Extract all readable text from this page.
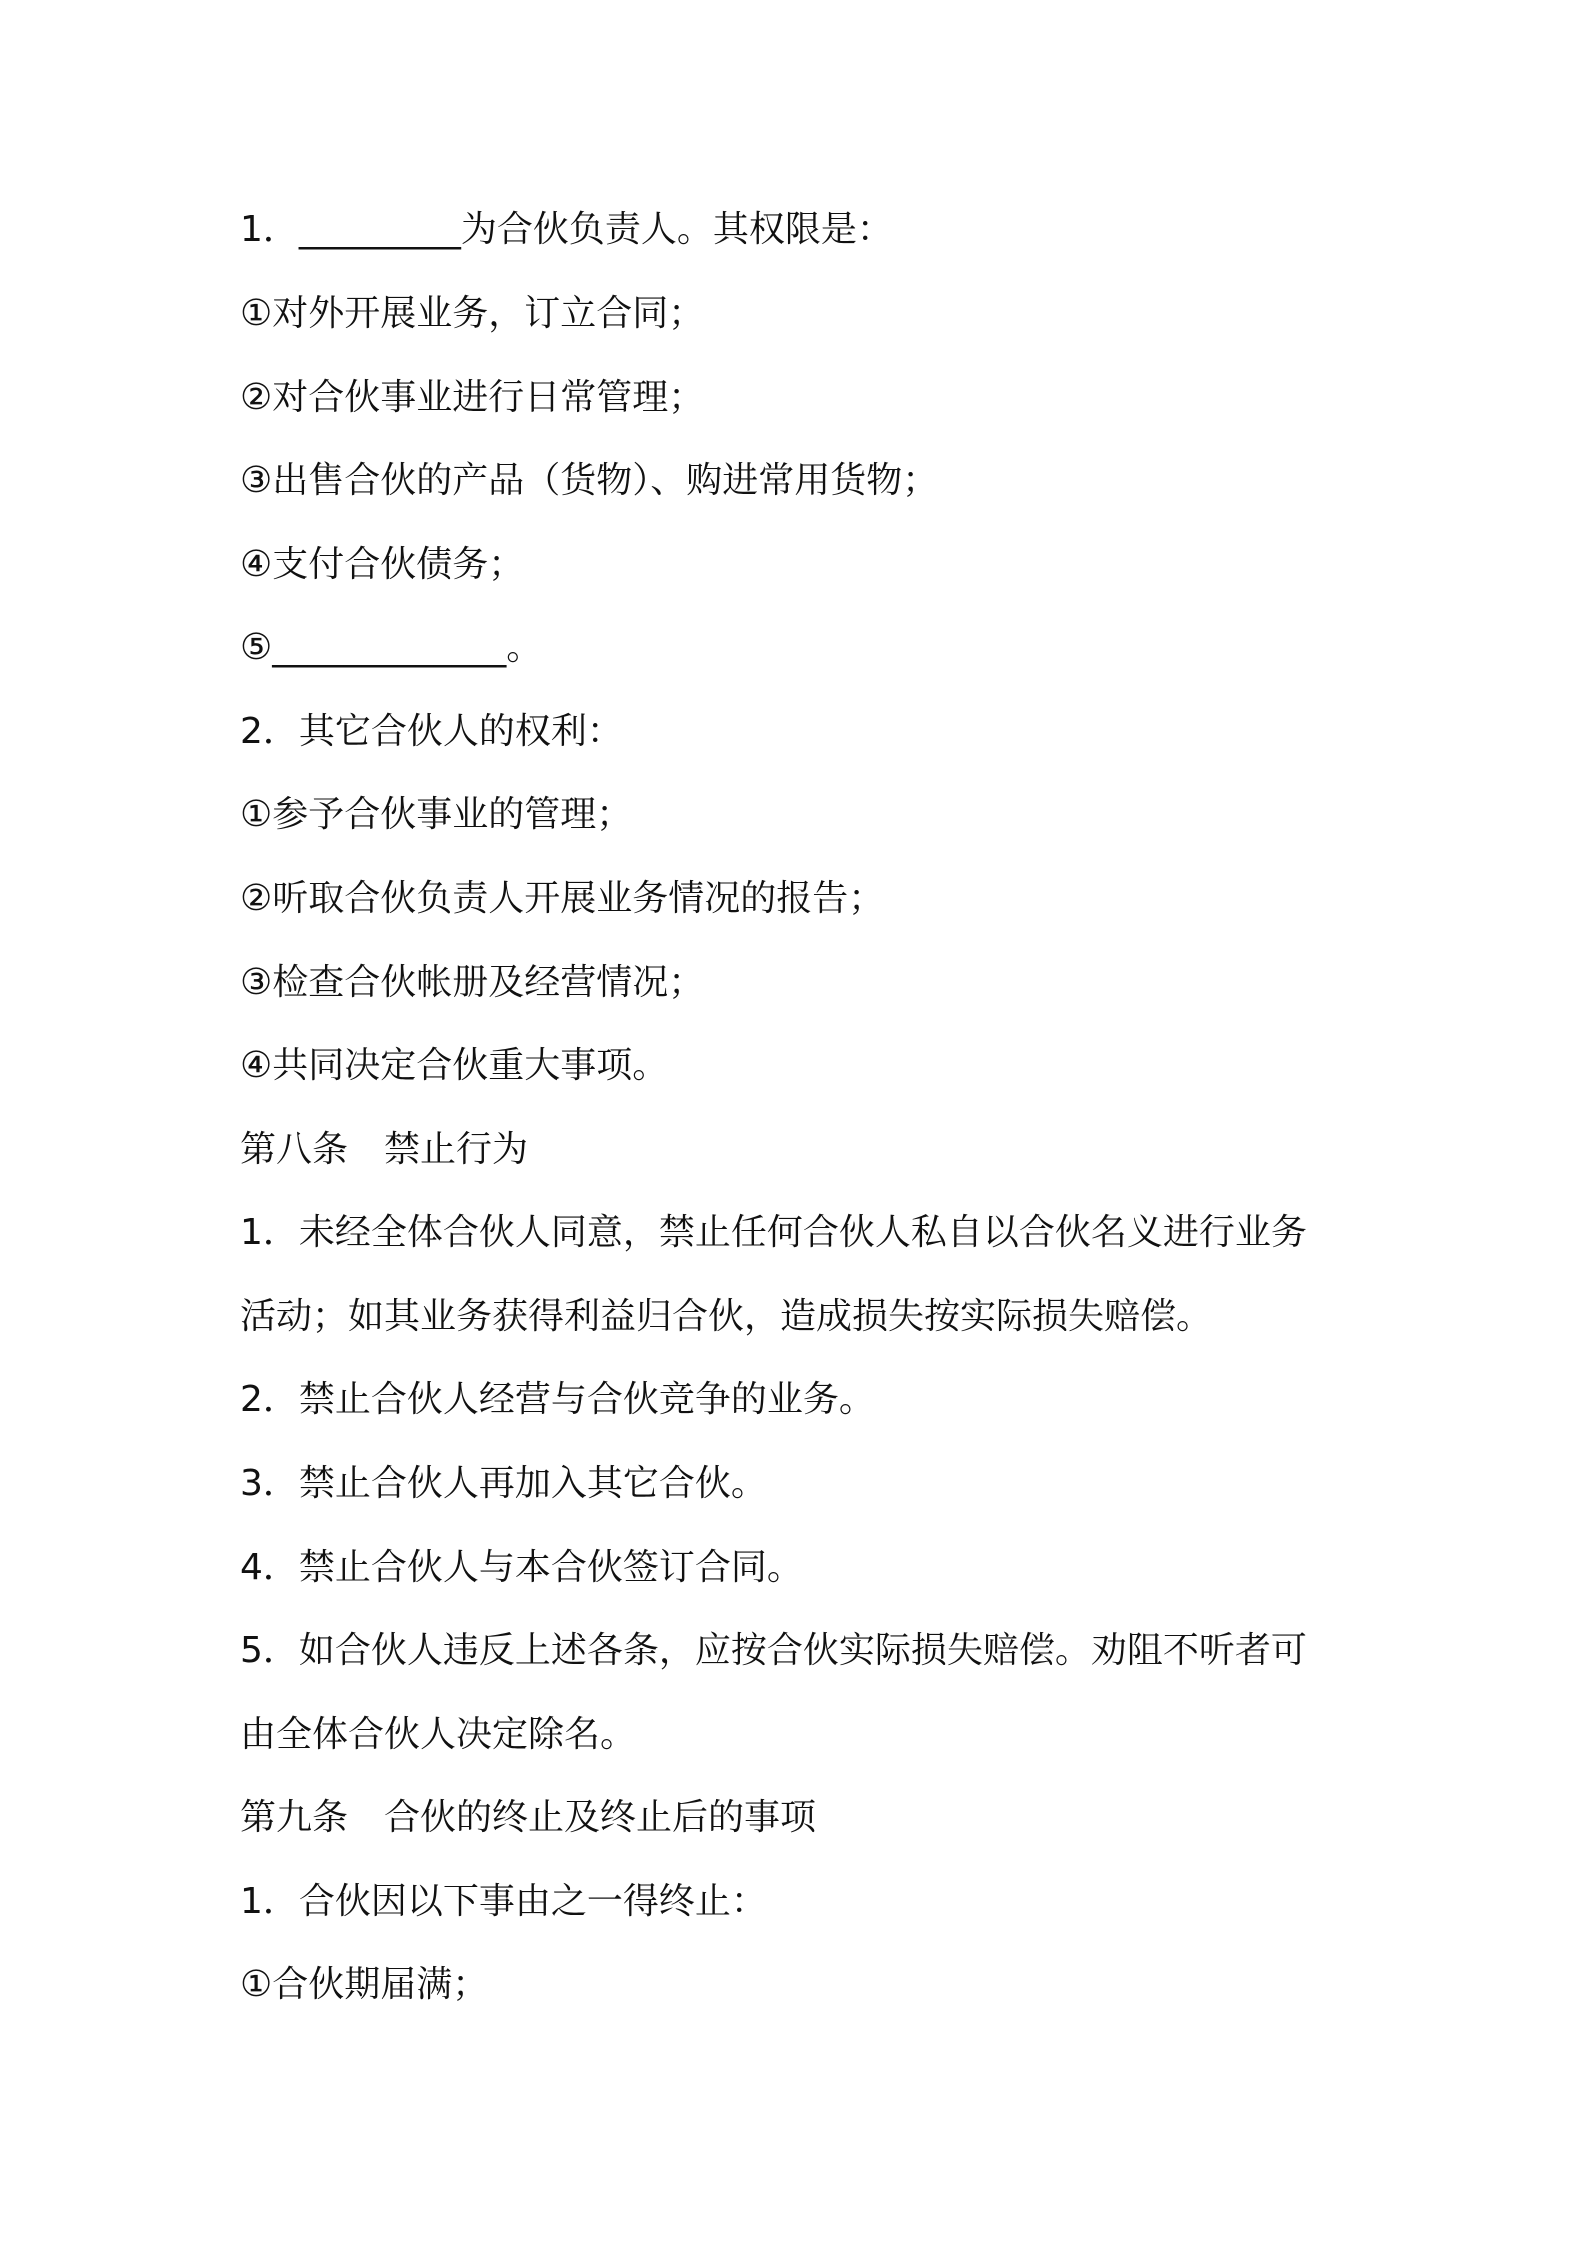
1．_________为合伙负责人。其权限是：
①对外开展业务，订立合同；
②对合伙事业进行日常管理；
③出售合伙的产品（货物）、购进常用货物；
④支付合伙债务；
⑤_____________。
2．其它合伙人的权利：
①参予合伙事业的管理；
②听取合伙负责人开展业务情况的报告；
③检查合伙帐册及经营情况；
④共同决定合伙重大事项。
第八条　禁止行为
1．未经全体合伙人同意，禁止任何合伙人私自以合伙名义进行业务
活动；如其业务获得利益归合伙，造成损失按实际损失赔偿。
2．禁止合伙人经营与合伙竞争的业务。
3．禁止合伙人再加入其它合伙。
4．禁止合伙人与本合伙签订合同。
5．如合伙人违反上述各条，应按合伙实际损失赔偿。劝阻不听者可
由全体合伙人决定除名。
第九条　合伙的终止及终止后的事项
1．合伙因以下事由之一得终止：
①合伙期届满；
